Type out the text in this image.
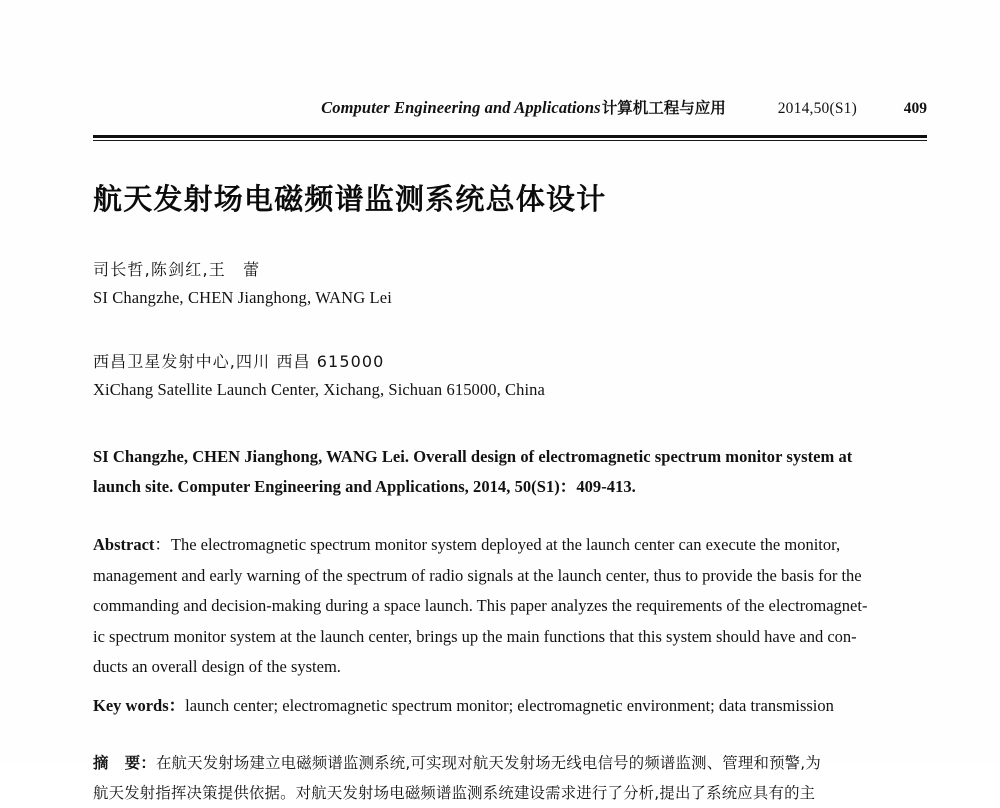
Computer Engineering and Applications 计算机工程与应用	2014,50(S1)	409
航天发射场电磁频谱监测系统总体设计
司长哲,陈剑红,王　蕾
SI Changzhe, CHEN Jianghong, WANG Lei
西昌卫星发射中心,四川 西昌 615000
XiChang Satellite Launch Center, Xichang, Sichuan 615000, China
SI Changzhe, CHEN Jianghong, WANG Lei. Overall design of electromagnetic spectrum monitor system at
launch site. Computer Engineering and Applications, 2014, 50(S1)：409-413.
Abstract：The electromagnetic spectrum monitor system deployed at the launch center can execute the monitor,
management and early warning of the spectrum of radio signals at the launch center, thus to provide the basis for the
commanding and decision-making during a space launch. This paper analyzes the requirements of the electromagnet-
ic spectrum monitor system at the launch center, brings up the main functions that this system should have and con-
ducts an overall design of the system.
Key words：launch center; electromagnetic spectrum monitor; electromagnetic environment; data transmission
摘 要：在航天发射场建立电磁频谱监测系统,可实现对航天发射场无线电信号的频谱监测、管理和预警,为
航天发射指挥决策提供依据。对航天发射场电磁频谱监测系统建设需求进行了分析,提出了系统应具有的主
